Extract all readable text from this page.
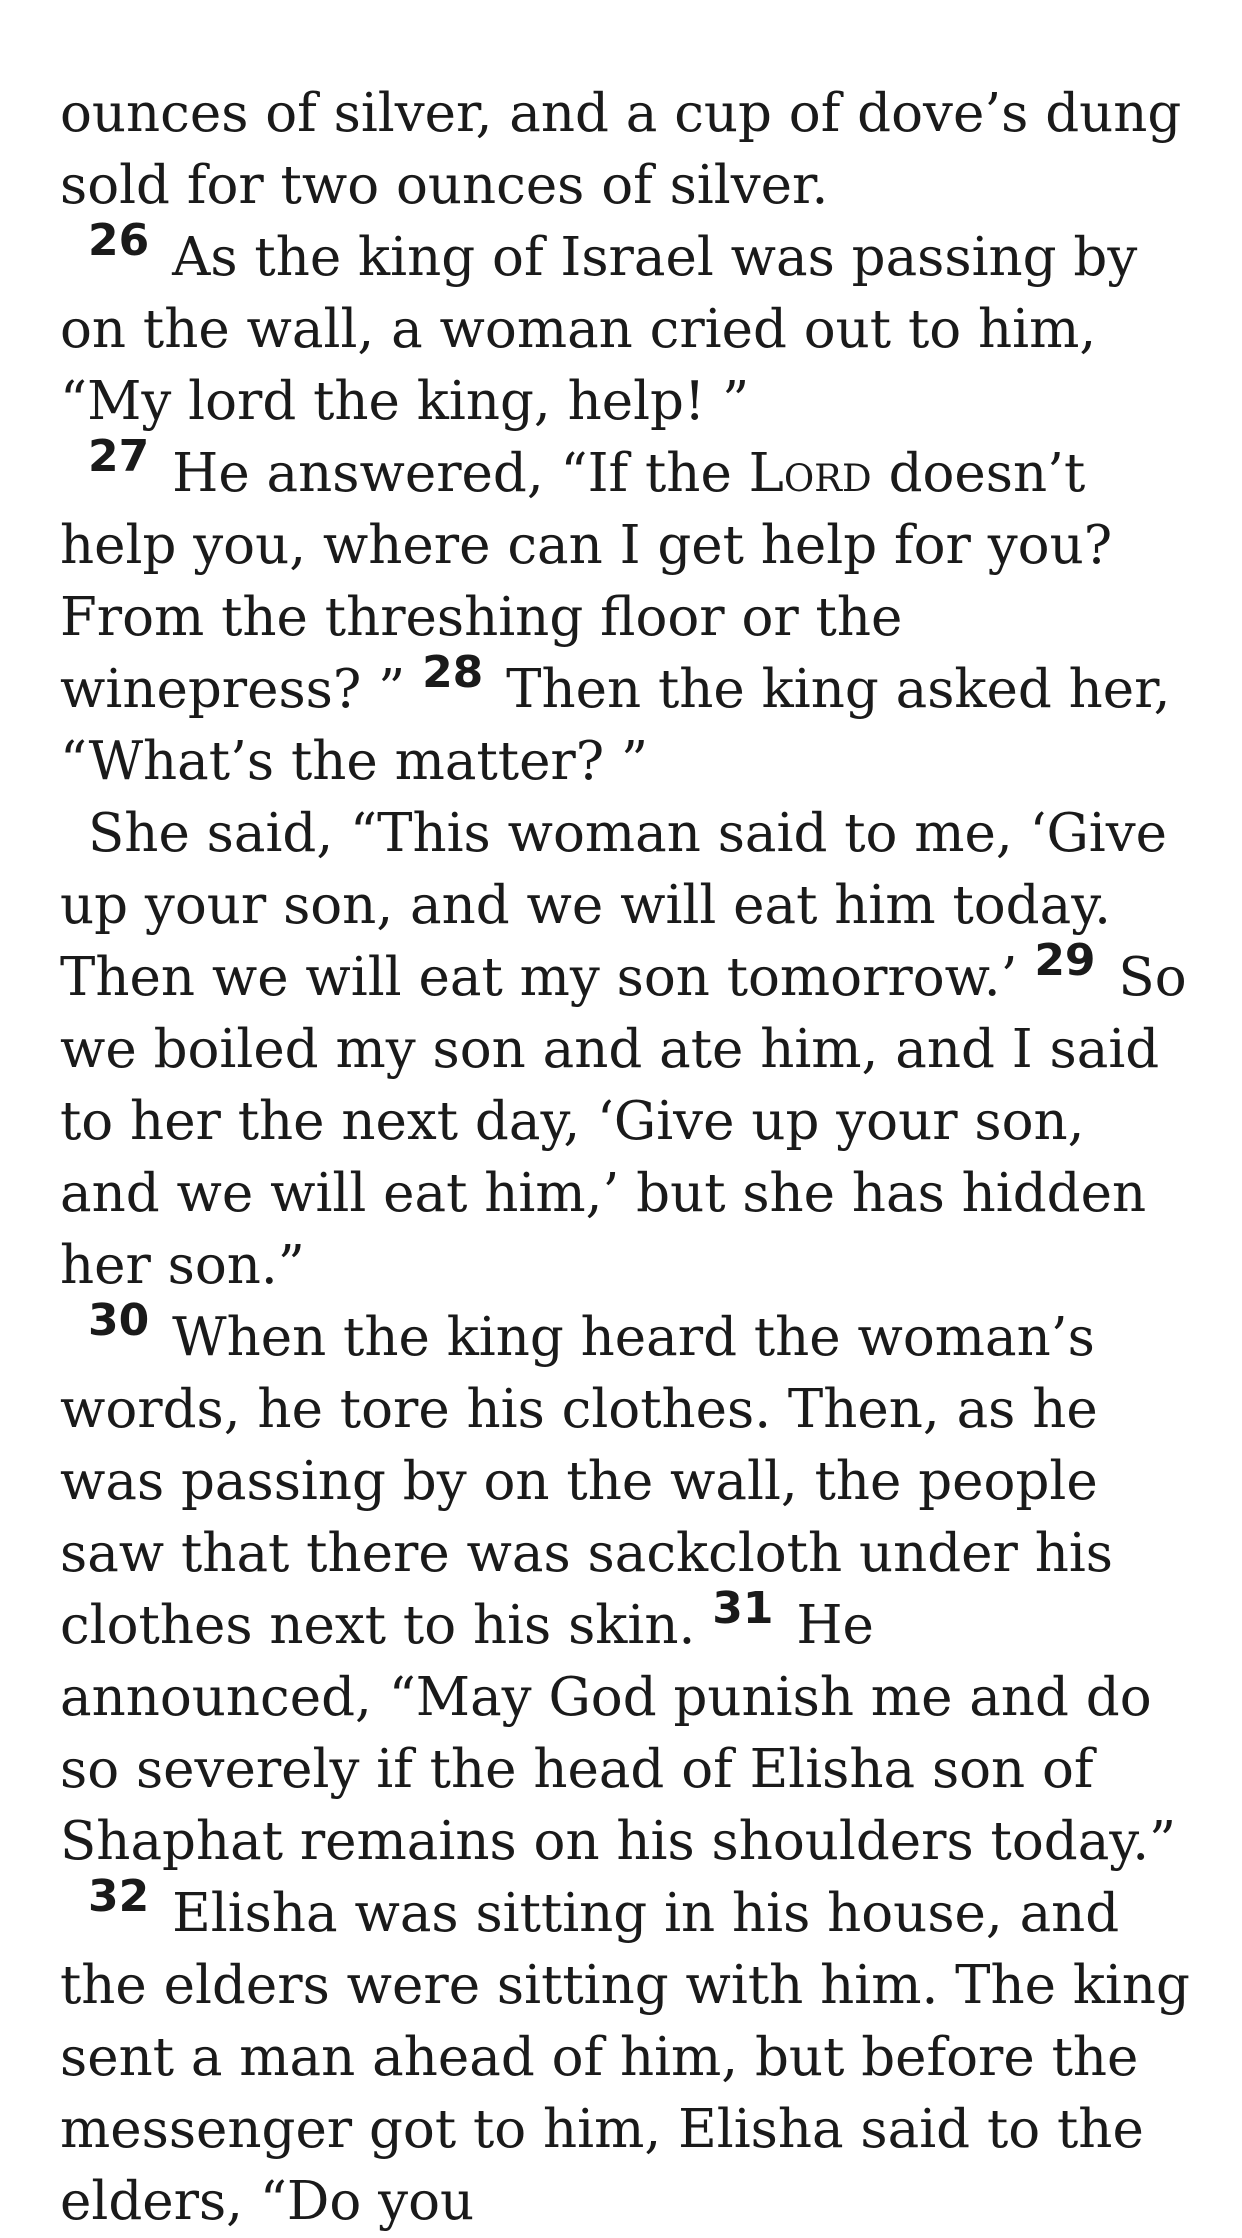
ounces of silver, and a cup of dove’s dung sold for two ounces of silver.

$^{26}$ As the king of Israel was passing by on the wall, a woman cried out to him, “My lord the king, help! ”

$^{27}$ He answered, “If the Lord doesn’t help you, where can I get help for you? From the threshing floor or the winepress? ” $^{28}$ Then the king asked her, “What’s the matter? ”

She said, “This woman said to me, ‘Give up your son, and we will eat him today. Then we will eat my son tomorrow.’ $^{29}$ So we boiled my son and ate him, and I said to her the next day, ‘Give up your son, and we will eat him,’ but she has hidden her son.”

$^{30}$ When the king heard the woman’s words, he tore his clothes. Then, as he was passing by on the wall, the people saw that there was sackcloth under his clothes next to his skin. $^{31}$ He announced, “May God punish me and do so severely if the head of Elisha son of Shaphat remains on his shoulders today.”

$^{32}$ Elisha was sitting in his house, and the elders were sitting with him. The king sent a man ahead of him, but before the messenger got to him, Elisha said to the elders, “Do you
